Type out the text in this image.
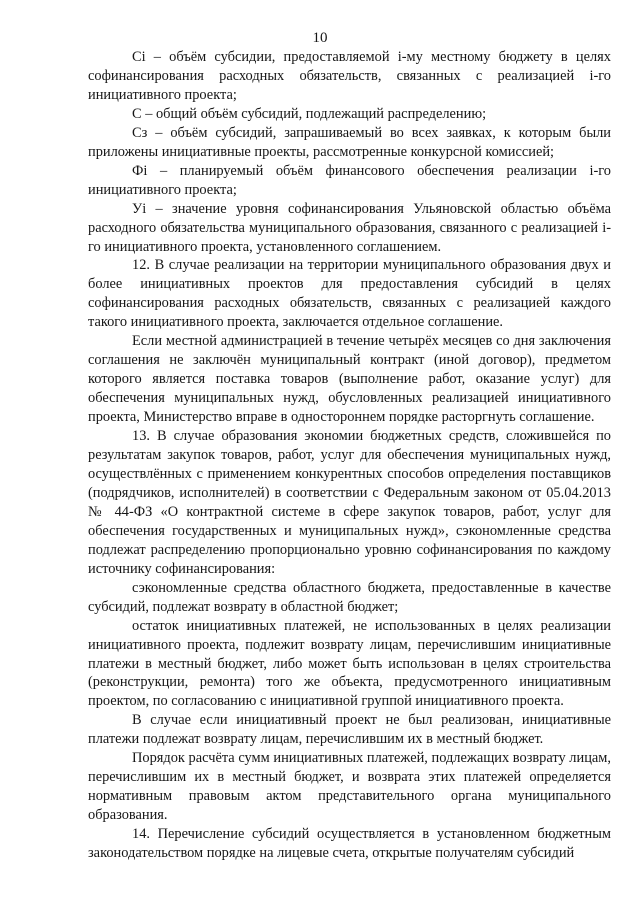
10

Ci – объём субсидии, предоставляемой i-му местному бюджету в целях софинансирования расходных обязательств, связанных с реализацией i-го инициативного проекта;

C – общий объём субсидий, подлежащий распределению;

Сз – объём субсидий, запрашиваемый во всех заявках, к которым были приложены инициативные проекты, рассмотренные конкурсной комиссией;

Фi – планируемый объём финансового обеспечения реализации i-го инициативного проекта;

Уi – значение уровня софинансирования Ульяновской областью объёма расходного обязательства муниципального образования, связанного с реализацией i-го инициативного проекта, установленного соглашением.

12. В случае реализации на территории муниципального образования двух и более инициативных проектов для предоставления субсидий в целях софинансирования расходных обязательств, связанных с реализацией каждого такого инициативного проекта, заключается отдельное соглашение.

Если местной администрацией в течение четырёх месяцев со дня заключения соглашения не заключён муниципальный контракт (иной договор), предметом которого является поставка товаров (выполнение работ, оказание услуг) для обеспечения муниципальных нужд, обусловленных реализацией инициативного проекта, Министерство вправе в одностороннем порядке расторгнуть соглашение.

13. В случае образования экономии бюджетных средств, сложившейся по результатам закупок товаров, работ, услуг для обеспечения муниципальных нужд, осуществлённых с применением конкурентных способов определения поставщиков (подрядчиков, исполнителей) в соответствии с Федеральным законом от 05.04.2013 № 44-ФЗ «О контрактной системе в сфере закупок товаров, работ, услуг для обеспечения государственных и муниципальных нужд», сэкономленные средства подлежат распределению пропорционально уровню софинансирования по каждому источнику софинансирования:

сэкономленные средства областного бюджета, предоставленные в качестве субсидий, подлежат возврату в областной бюджет;

остаток инициативных платежей, не использованных в целях реализации инициативного проекта, подлежит возврату лицам, перечислившим инициативные платежи в местный бюджет, либо может быть использован в целях строительства (реконструкции, ремонта) того же объекта, предусмотренного инициативным проектом, по согласованию с инициативной группой инициативного проекта.

В случае если инициативный проект не был реализован, инициативные платежи подлежат возврату лицам, перечислившим их в местный бюджет.

Порядок расчёта сумм инициативных платежей, подлежащих возврату лицам, перечислившим их в местный бюджет, и возврата этих платежей определяется нормативным правовым актом представительного органа муниципального образования.

14. Перечисление субсидий осуществляется в установленном бюджетным законодательством порядке на лицевые счета, открытые получателям субсидий
